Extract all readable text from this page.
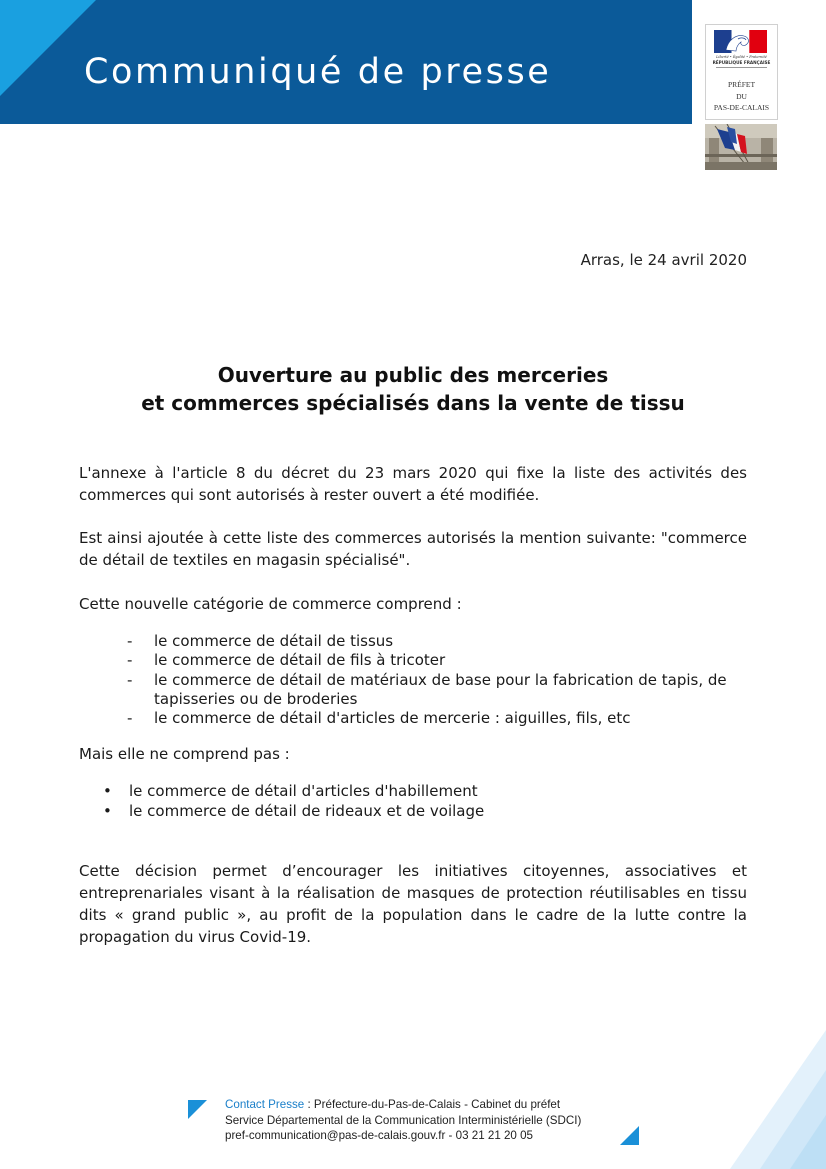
Communiqué de presse	Liberté • Égalité • Fraternité
RÉPUBLIQUE FRANÇAISE
PRÉFET
DU
PAS-DE-CALAIS
Arras, le 24 avril 2020
Ouverture au public des merceries
et commerces spécialisés dans la vente de tissu

L'annexe à l'article 8 du décret du 23 mars 2020 qui fixe la liste des activités des commerces qui sont autorisés à rester ouvert a été modifiée.

Est ainsi ajoutée à cette liste des commerces autorisés la mention suivante: "commerce de détail de textiles en magasin spécialisé".

Cette nouvelle catégorie de commerce comprend :

- le commerce de détail de tissus
- le commerce de détail de fils à tricoter
- le commerce de détail de matériaux de base pour la fabrication de tapis, de tapisseries ou de broderies
- le commerce de détail d'articles de mercerie : aiguilles, fils, etc

Mais elle ne comprend pas :

• le commerce de détail d'articles d'habillement
• le commerce de détail de rideaux et de voilage

Cette décision permet d’encourager les initiatives citoyennes, associatives et entreprenariales visant à la réalisation de masques de protection réutilisables en tissu dits « grand public », au profit de la population dans le cadre de la lutte contre la propagation du virus Covid-19.

Contact Presse : Préfecture-du-Pas-de-Calais - Cabinet du préfet
Service Départemental de la Communication Interministérielle (SDCI)
pref-communication@pas-de-calais.gouv.fr - 03 21 21 20 05
